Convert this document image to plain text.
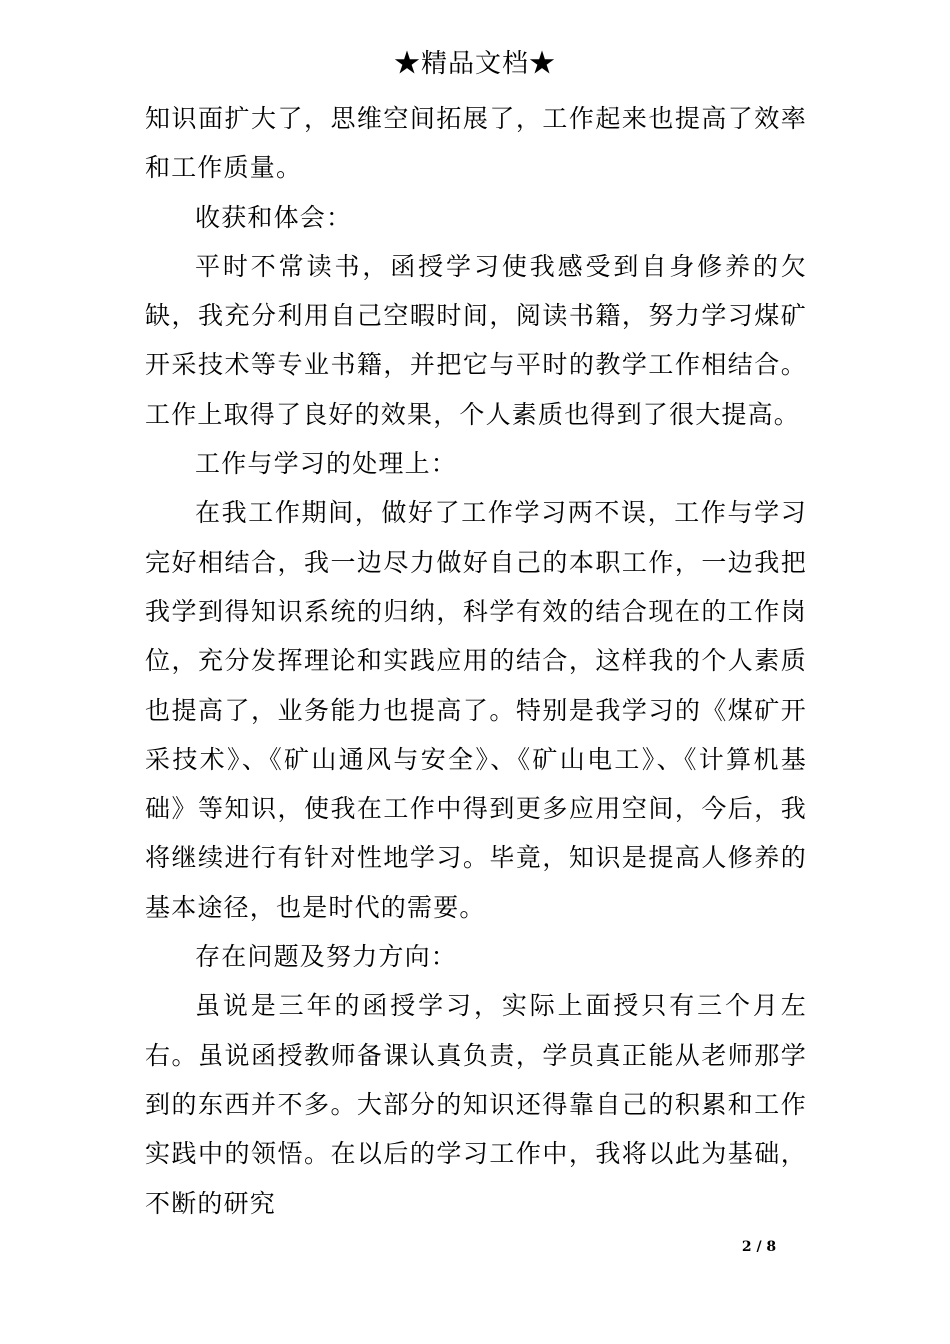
★精品文档★

知识面扩大了，思维空间拓展了，工作起来也提高了效率和工作质量。

收获和体会：

平时不常读书，函授学习使我感受到自身修养的欠缺，我充分利用自己空暇时间，阅读书籍，努力学习煤矿开采技术等专业书籍，并把它与平时的教学工作相结合。工作上取得了良好的效果，个人素质也得到了很大提高。

工作与学习的处理上：

在我工作期间，做好了工作学习两不误，工作与学习完好相结合，我一边尽力做好自己的本职工作，一边我把我学到得知识系统的归纳，科学有效的结合现在的工作岗位，充分发挥理论和实践应用的结合，这样我的个人素质也提高了，业务能力也提高了。特别是我学习的《煤矿开采技术》、《矿山通风与安全》、《矿山电工》、《计算机基础》等知识，使我在工作中得到更多应用空间，今后，我将继续进行有针对性地学习。毕竟，知识是提高人修养的基本途径，也是时代的需要。

存在问题及努力方向：

虽说是三年的函授学习，实际上面授只有三个月左右。虽说函授教师备课认真负责，学员真正能从老师那学到的东西并不多。大部分的知识还得靠自己的积累和工作实践中的领悟。在以后的学习工作中，我将以此为基础，不断的研究

2 / 8
